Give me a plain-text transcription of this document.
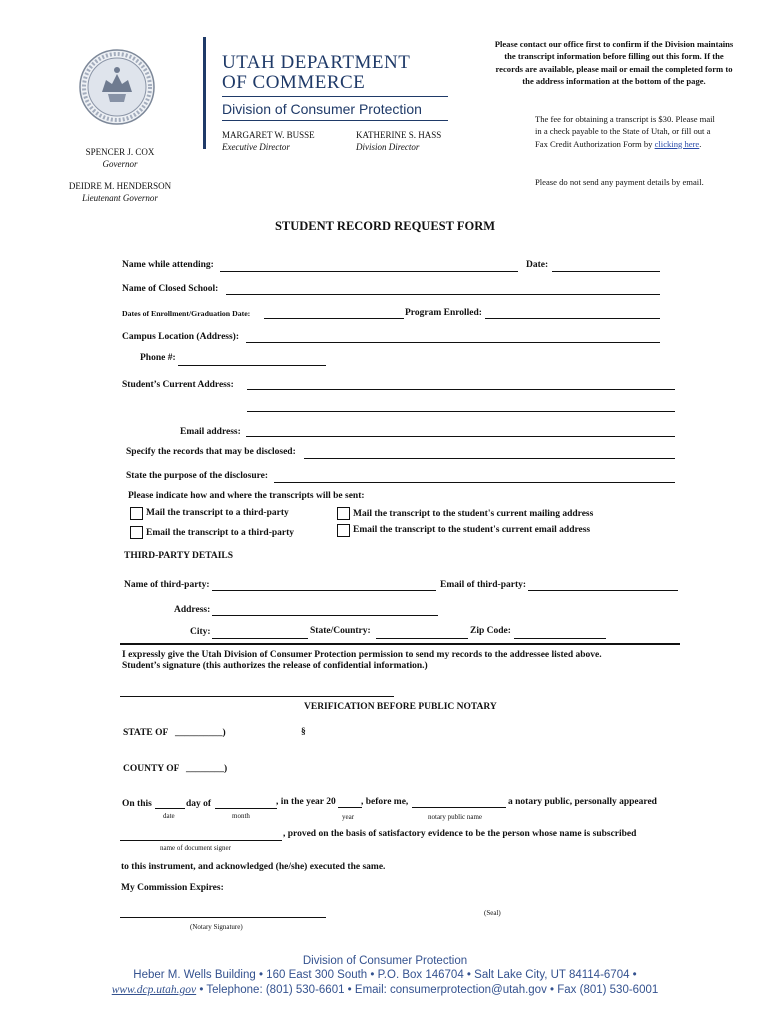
UTAH DEPARTMENT
OF COMMERCE
Division of Consumer Protection
MARGARET W. BUSSE
Executive Director
KATHERINE S. HASS
Division Director
SPENCER J. COX
Governor
DEIDRE M. HENDERSON
Lieutenant Governor
Please contact our office first to confirm if the Division maintains the transcript information before filling out this form. If the records are available, please mail or email the completed form to the address information at the bottom of the page.
The fee for obtaining a transcript is $30. Please mail in a check payable to the State of Utah, or fill out a Fax Credit Authorization Form by clicking here.
Please do not send any payment details by email.
STUDENT RECORD REQUEST FORM
Name while attending:	Date:
Name of Closed School:
Dates of Enrollment/Graduation Date:	Program Enrolled:
Campus Location (Address):
Phone #:
Student’s Current Address:
Email address:
Specify the records that may be disclosed:
State the purpose of the disclosure:
Please indicate how and where the transcripts will be sent:
Mail the transcript to a third-party
Email the transcript to a third-party
Mail the transcript to the student's current mailing address
Email the transcript to the student's current email address
THIRD-PARTY DETAILS
Name of third-party:	Email of third-party:
Address:
City:	State/Country:	Zip Code:
I expressly give the Utah Division of Consumer Protection permission to send my records to the addressee listed above.
Student’s signature (this authorizes the release of confidential information.)
VERIFICATION BEFORE PUBLIC NOTARY
STATE OF __________)	§
COUNTY OF ________)
On this	day of	, in the year 20	, before me,	a notary public, personally appeared
date	month	year	notary public name
, proved on the basis of satisfactory evidence to be the person whose name is subscribed
name of document signer
to this instrument, and acknowledged (he/she) executed the same.
My Commission Expires:
(Seal)
(Notary Signature)
Division of Consumer Protection
Heber M. Wells Building • 160 East 300 South • P.O. Box 146704 • Salt Lake City, UT 84114-6704 •
www.dcp.utah.gov • Telephone: (801) 530-6601 • Email: consumerprotection@utah.gov • Fax (801) 530-6001
